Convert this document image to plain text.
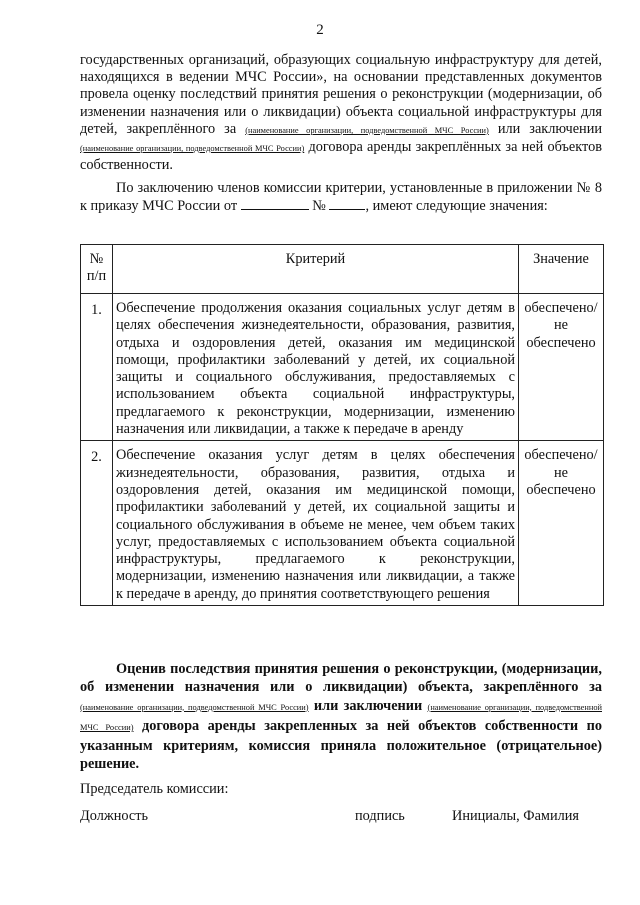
2

государственных организаций, образующих социальную инфраструктуру для детей, находящихся в ведении МЧС России», на основании представленных документов провела оценку последствий принятия решения о реконструкции (модернизации, об изменении назначения или о ликвидации) объекта социальной инфраструктуры для детей, закреплённого за (наименование организации, подведомственной МЧС России) или заключении (наименование организации, подведомственной МЧС России) договора аренды закреплённых за ней объектов собственности.

По заключению членов комиссии критерии, установленные в приложении № 8 к приказу МЧС России от	№	, имеют следующие значения:

№ п/п	Критерий	Значение
1.	Обеспечение продолжения оказания социальных услуг детям в целях обеспечения жизнедеятельности, образования, развития, отдыха и оздоровления детей, оказания им медицинской помощи, профилактики заболеваний у детей, их социальной защиты и социального обслуживания, предоставляемых с использованием объекта социальной инфраструктуры, предлагаемого к реконструкции, модернизации, изменению назначения или ликвидации, а также к передаче в аренду	обеспечено/ не обеспечено
2.	Обеспечение оказания услуг детям в целях обеспечения жизнедеятельности, образования, развития, отдыха и оздоровления детей, оказания им медицинской помощи, профилактики заболеваний у детей, их социальной защиты и социального обслуживания в объеме не менее, чем объем таких услуг, предоставляемых с использованием объекта социальной инфраструктуры, предлагаемого к реконструкции, модернизации, изменению назначения или ликвидации, а также к передаче в аренду, до принятия соответствующего решения	обеспечено/ не обеспечено

Оценив последствия принятия решения о реконструкции, (модернизации, об изменении назначения или о ликвидации) объекта, закреплённого за (наименование организации, подведомственной МЧС России) или заключении (наименование организации, подведомственной МЧС России) договора аренды закрепленных за ней объектов собственности по указанным критериям, комиссия приняла положительное (отрицательное) решение.

Председатель комиссии:
Должность	подпись	Инициалы, Фамилия
